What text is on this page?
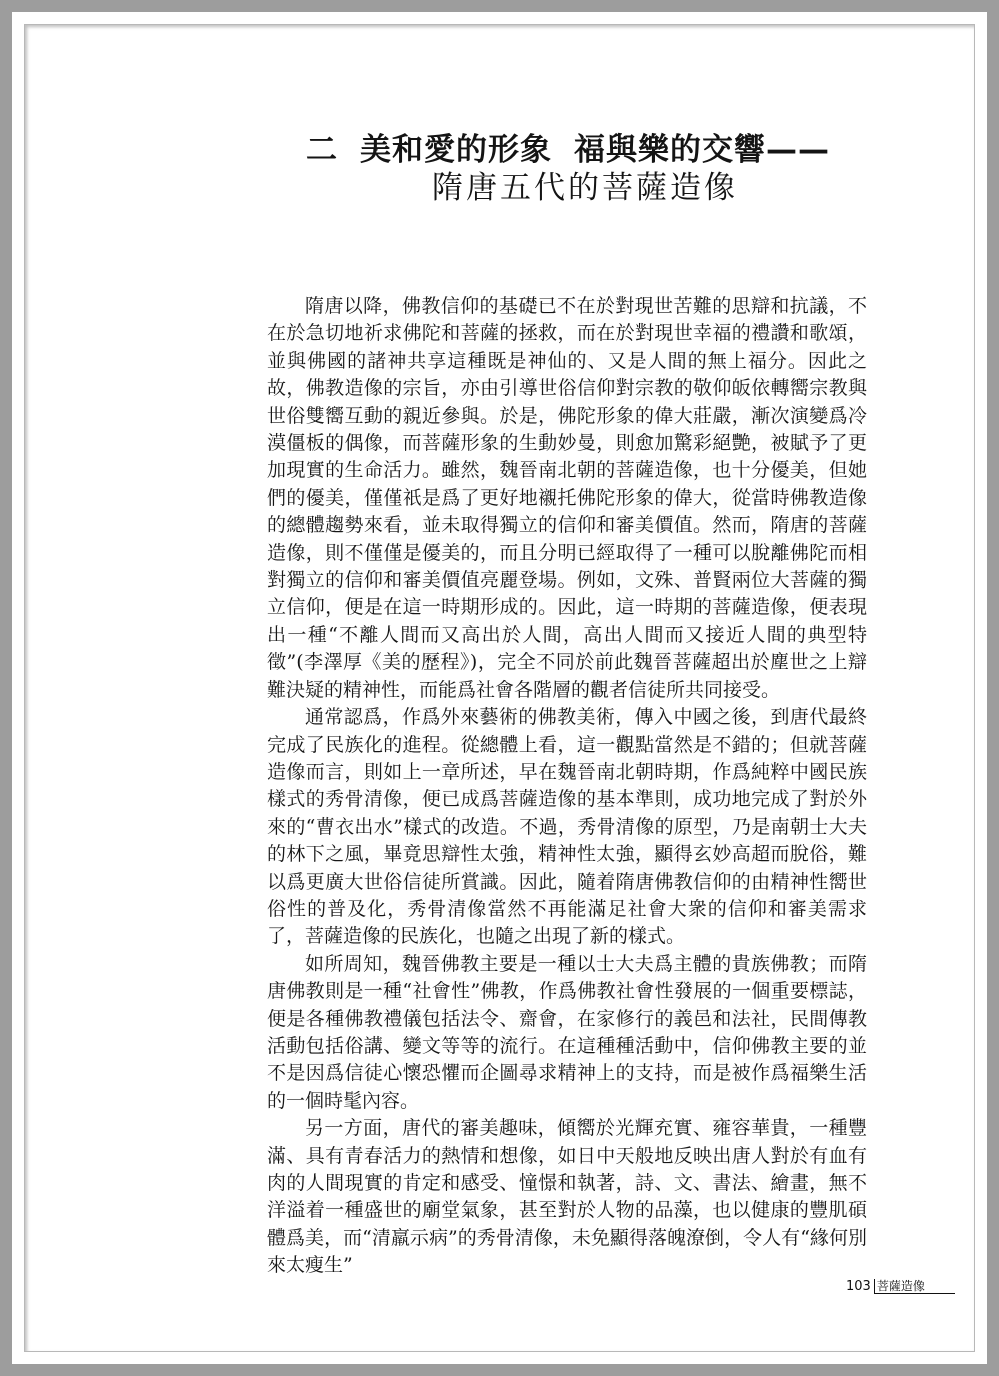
二 美和愛的形象 福與樂的交響——
隋唐五代的菩薩造像

隋唐以降，佛教信仰的基礎已不在於對現世苦難的思辯和抗議，不在於急切地祈求佛陀和菩薩的拯救，而在於對現世幸福的禮讚和歌頌，並與佛國的諸神共享這種既是神仙的、又是人間的無上福分。因此之故，佛教造像的宗旨，亦由引導世俗信仰對宗教的敬仰皈依轉嚮宗教與世俗雙嚮互動的親近參與。於是，佛陀形象的偉大莊嚴，漸次演變爲冷漠僵板的偶像，而菩薩形象的生動妙曼，則愈加驚彩絕艷，被賦予了更加現實的生命活力。雖然，魏晉南北朝的菩薩造像，也十分優美，但她們的優美，僅僅祇是爲了更好地襯托佛陀形象的偉大，從當時佛教造像的總體趨勢來看，並未取得獨立的信仰和審美價值。然而，隋唐的菩薩造像，則不僅僅是優美的，而且分明已經取得了一種可以脫離佛陀而相對獨立的信仰和審美價值亮麗登場。例如，文殊、普賢兩位大菩薩的獨立信仰，便是在這一時期形成的。因此，這一時期的菩薩造像，便表現出一種“不離人間而又高出於人間，高出人間而又接近人間的典型特徵”(李澤厚《美的歷程》)，完全不同於前此魏晉菩薩超出於塵世之上辯難決疑的精神性，而能爲社會各階層的觀者信徒所共同接受。

通常認爲，作爲外來藝術的佛教美術，傳入中國之後，到唐代最終完成了民族化的進程。從總體上看，這一觀點當然是不錯的；但就菩薩造像而言，則如上一章所述，早在魏晉南北朝時期，作爲純粹中國民族樣式的秀骨清像，便已成爲菩薩造像的基本準則，成功地完成了對於外來的“曹衣出水”樣式的改造。不過，秀骨清像的原型，乃是南朝士大夫的林下之風，畢竟思辯性太強，精神性太強，顯得玄妙高超而脫俗，難以爲更廣大世俗信徒所賞識。因此，隨着隋唐佛教信仰的由精神性嚮世俗性的普及化，秀骨清像當然不再能滿足社會大衆的信仰和審美需求了，菩薩造像的民族化，也隨之出現了新的樣式。

如所周知，魏晉佛教主要是一種以士大夫爲主體的貴族佛教；而隋唐佛教則是一種“社會性”佛教，作爲佛教社會性發展的一個重要標誌，便是各種佛教禮儀包括法令、齋會，在家修行的義邑和法社，民間傳教活動包括俗講、變文等等的流行。在這種種活動中，信仰佛教主要的並不是因爲信徒心懷恐懼而企圖尋求精神上的支持，而是被作爲福樂生活的一個時髦內容。

另一方面，唐代的審美趣味，傾嚮於光輝充實、雍容華貴，一種豐滿、具有青春活力的熱情和想像，如日中天般地反映出唐人對於有血有肉的人間現實的肯定和感受、憧憬和執著，詩、文、書法、繪畫，無不洋溢着一種盛世的廟堂氣象，甚至對於人物的品藻，也以健康的豐肌碩體爲美，而“清羸示病”的秀骨清像，未免顯得落魄潦倒，令人有“緣何別來太瘦生”

103 菩薩造像
